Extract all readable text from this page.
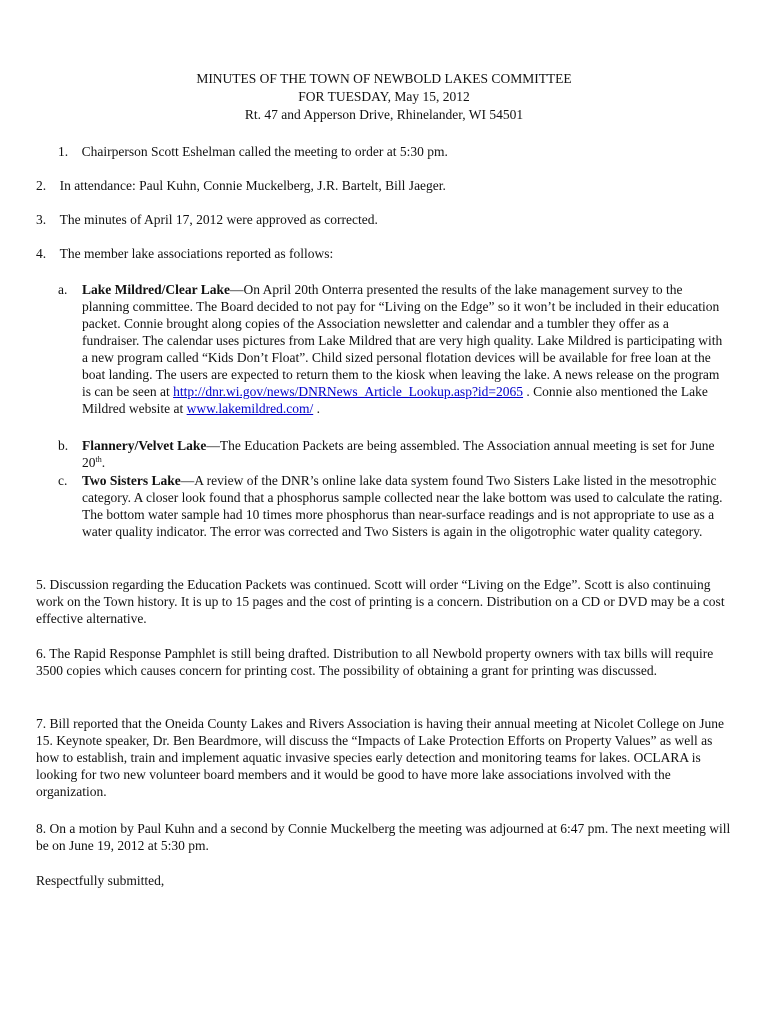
MINUTES OF THE TOWN OF NEWBOLD LAKES COMMITTEE
FOR TUESDAY, May 15, 2012
Rt. 47 and Apperson Drive, Rhinelander, WI 54501

1. Chairperson Scott Eshelman called the meeting to order at 5:30 pm.

2. In attendance: Paul Kuhn, Connie Muckelberg, J.R. Bartelt, Bill Jaeger.

3. The minutes of April 17, 2012 were approved as corrected.

4. The member lake associations reported as follows:

a.	Lake Mildred/Clear Lake—On April 20th Onterra presented the results of the lake management survey to the planning committee. The Board decided to not pay for “Living on the Edge” so it won’t be included in their education packet. Connie brought along copies of the Association newsletter and calendar and a tumbler they offer as a fundraiser. The calendar uses pictures from Lake Mildred that are very high quality. Lake Mildred is participating with a new program called “Kids Don’t Float”. Child sized personal flotation devices will be available for free loan at the boat landing. The users are expected to return them to the kiosk when leaving the lake. A news release on the program is can be seen at http://dnr.wi.gov/news/DNRNews_Article_Lookup.asp?id=2065 . Connie also mentioned the Lake Mildred website at www.lakemildred.com/ .
b.	Flannery/Velvet Lake—The Education Packets are being assembled. The Association annual meeting is set for June 20th.
c.	Two Sisters Lake—A review of the DNR’s online lake data system found Two Sisters Lake listed in the mesotrophic category. A closer look found that a phosphorus sample collected near the lake bottom was used to calculate the rating. The bottom water sample had 10 times more phosphorus than near-surface readings and is not appropriate to use as a water quality indicator. The error was corrected and Two Sisters is again in the oligotrophic water quality category.

5. Discussion regarding the Education Packets was continued. Scott will order “Living on the Edge”. Scott is also continuing work on the Town history. It is up to 15 pages and the cost of printing is a concern. Distribution on a CD or DVD may be a cost effective alternative.

6. The Rapid Response Pamphlet is still being drafted. Distribution to all Newbold property owners with tax bills will require 3500 copies which causes concern for printing cost. The possibility of obtaining a grant for printing was discussed.

7. Bill reported that the Oneida County Lakes and Rivers Association is having their annual meeting at Nicolet College on June 15. Keynote speaker, Dr. Ben Beardmore, will discuss the “Impacts of Lake Protection Efforts on Property Values” as well as how to establish, train and implement aquatic invasive species early detection and monitoring teams for lakes. OCLARA is looking for two new volunteer board members and it would be good to have more lake associations involved with the organization.

8. On a motion by Paul Kuhn and a second by Connie Muckelberg the meeting was adjourned at 6:47 pm. The next meeting will be on June 19, 2012 at 5:30 pm.

Respectfully submitted,
